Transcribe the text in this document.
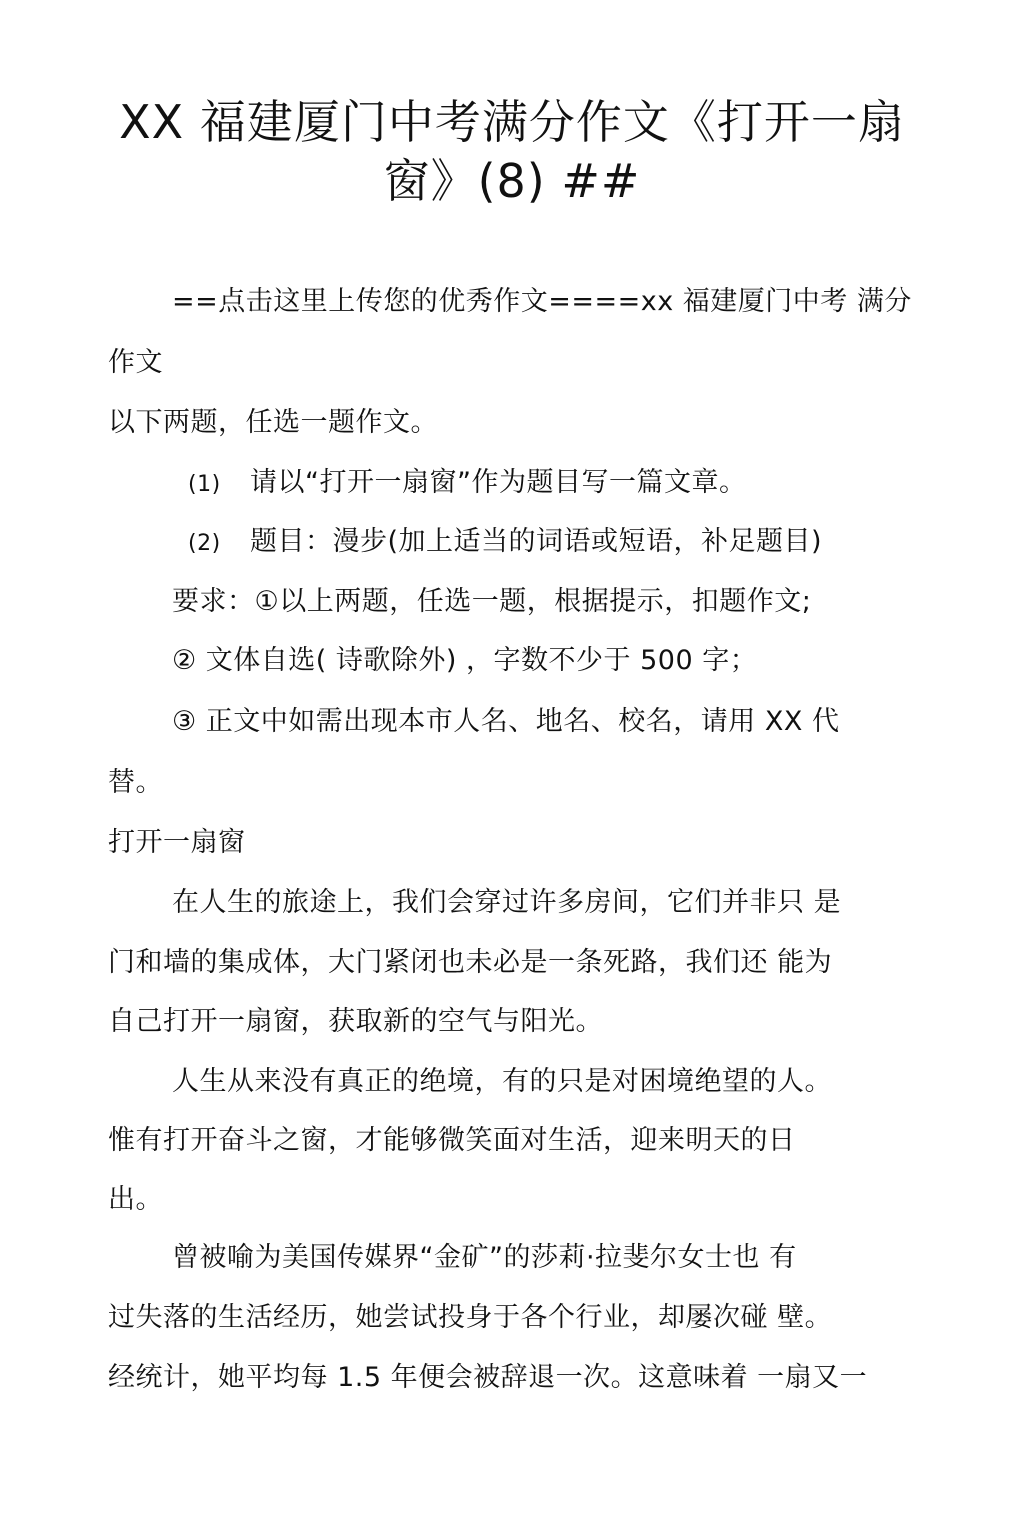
XX 福建厦门中考满分作文《打开一扇
窗》(8) ##
==点击这里上传您的优秀作文====xx 福建厦门中考 满分
作文
以下两题，任选一题作文。
(1) 请以“打开一扇窗”作为题目写一篇文章。
(2) 题目：漫步(加上适当的词语或短语，补足题目)
要求：①以上两题，任选一题，根据提示，扣题作文;
② 文体自选( 诗歌除外) ，字数不少于 500 字；
③ 正文中如需出现本市人名、地名、校名，请用 XX 代
替。
打开一扇窗
在人生的旅途上，我们会穿过许多房间，它们并非只 是
门和墙的集成体，大门紧闭也未必是一条死路，我们还 能为
自己打开一扇窗，获取新的空气与阳光。
人生从来没有真正的绝境，有的只是对困境绝望的人。
惟有打开奋斗之窗，才能够微笑面对生活，迎来明天的日
出。
曾被喻为美国传媒界“金矿”的莎莉·拉斐尔女士也 有
过失落的生活经历，她尝试投身于各个行业，却屡次碰 壁。
经统计，她平均每 1.5 年便会被辞退一次。这意味着 一扇又一
